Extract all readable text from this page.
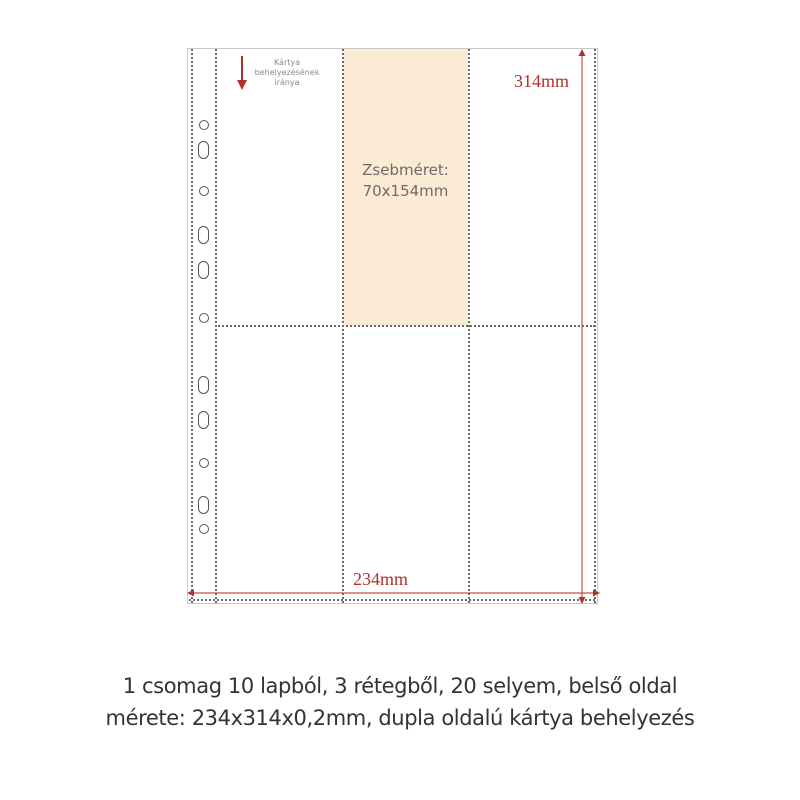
Kártya behelyezésének iránya
Zsebméret:
70x154mm
314mm
234mm
1 csomag 10 lapból, 3 rétegből, 20 selyem, belső oldal
mérete: 234x314x0,2mm, dupla oldalú kártya behelyezés
